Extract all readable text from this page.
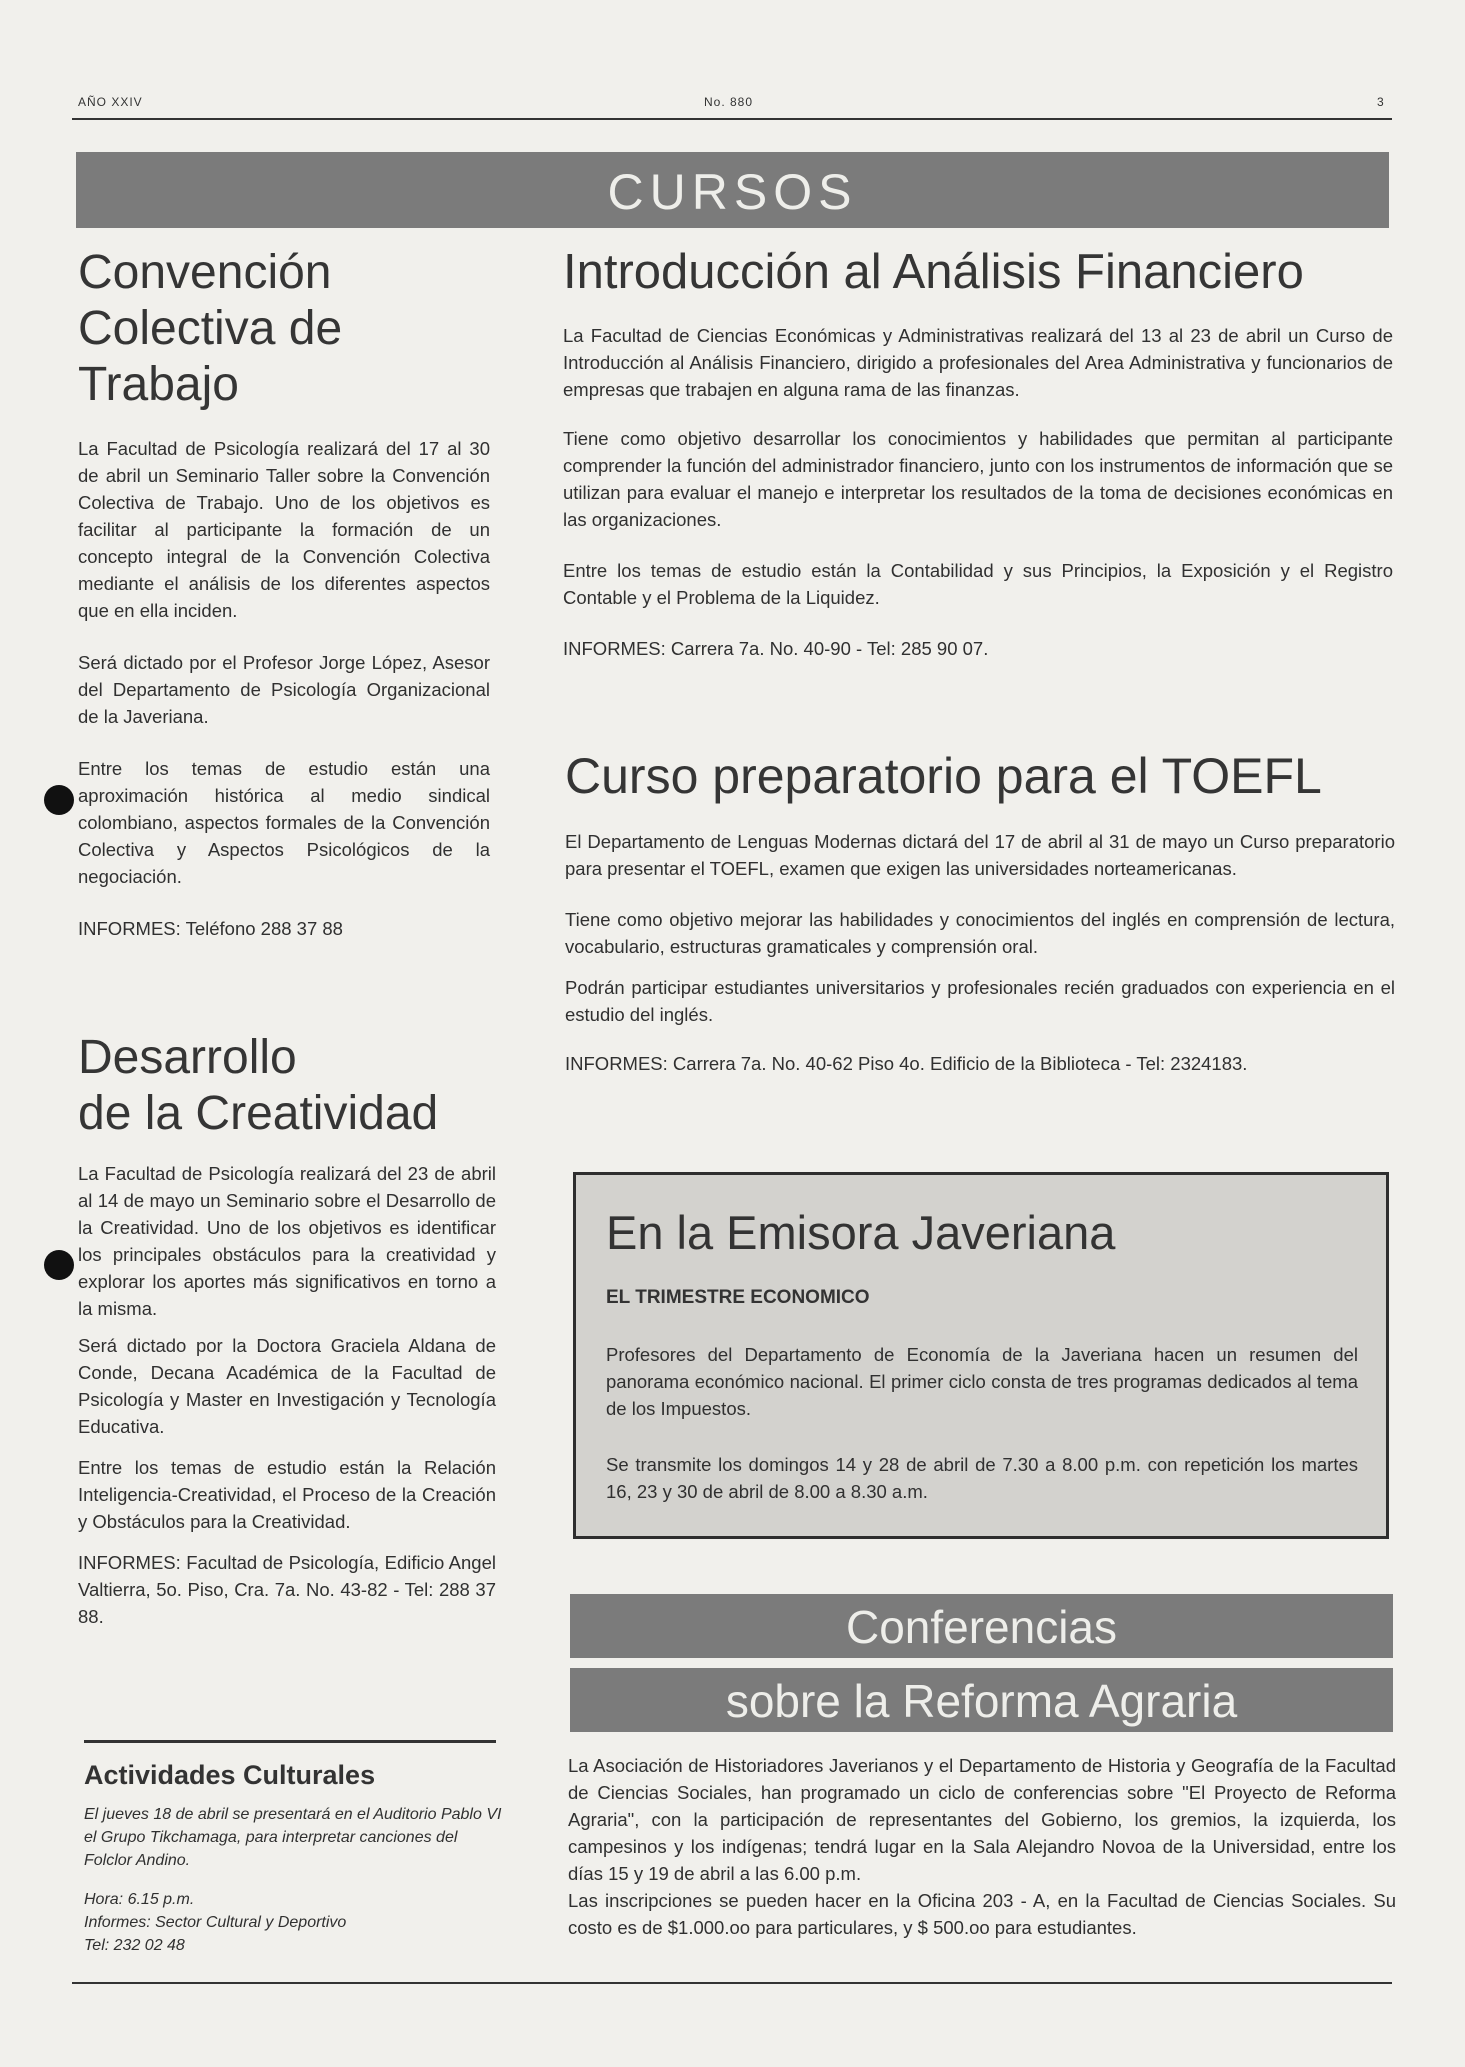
AÑO XXIV	No. 880	3
CURSOS
Convención
Colectiva de
Trabajo

La Facultad de Psicología realizará del 17 al 30 de abril un Seminario Taller sobre la Convención Colectiva de Trabajo. Uno de los objetivos es facilitar al participante la formación de un concepto integral de la Convención Colectiva mediante el análisis de los diferentes aspectos que en ella inciden.

Será dictado por el Profesor Jorge López, Asesor del Departamento de Psicología Organizacional de la Javeriana.

Entre los temas de estudio están una aproximación histórica al medio sindical colombiano, aspectos formales de la Convención Colectiva y Aspectos Psicológicos de la negociación.

INFORMES: Teléfono 288 37 88

Desarrollo
de la Creatividad

La Facultad de Psicología realizará del 23 de abril al 14 de mayo un Seminario sobre el Desarrollo de la Creatividad. Uno de los objetivos es identificar los principales obstáculos para la creatividad y explorar los aportes más significativos en torno a la misma.

Será dictado por la Doctora Graciela Aldana de Conde, Decana Académica de la Facultad de Psicología y Master en Investigación y Tecnología Educativa.

Entre los temas de estudio están la Relación Inteligencia-Creatividad, el Proceso de la Creación y Obstáculos para la Creatividad.

INFORMES: Facultad de Psicología, Edificio Angel Valtierra, 5o. Piso, Cra. 7a. No. 43-82 - Tel: 288 37 88.

Actividades Culturales

El jueves 18 de abril se presentará en el Auditorio Pablo VI el Grupo Tikchamaga, para interpretar canciones del Folclor Andino.

Hora: 6.15 p.m.

Informes: Sector Cultural y Deportivo

Tel: 232 02 48

Introducción al Análisis Financiero

La Facultad de Ciencias Económicas y Administrativas realizará del 13 al 23 de abril un Curso de Introducción al Análisis Financiero, dirigido a profesionales del Area Administrativa y funcionarios de empresas que trabajen en alguna rama de las finanzas.

Tiene como objetivo desarrollar los conocimientos y habilidades que permitan al participante comprender la función del administrador financiero, junto con los instrumentos de información que se utilizan para evaluar el manejo e interpretar los resultados de la toma de decisiones económicas en las organizaciones.

Entre los temas de estudio están la Contabilidad y sus Principios, la Exposición y el Registro Contable y el Problema de la Liquidez.

INFORMES: Carrera 7a. No. 40-90 - Tel: 285 90 07.

Curso preparatorio para el TOEFL

El Departamento de Lenguas Modernas dictará del 17 de abril al 31 de mayo un Curso preparatorio para presentar el TOEFL, examen que exigen las universidades norteamericanas.

Tiene como objetivo mejorar las habilidades y conocimientos del inglés en comprensión de lectura, vocabulario, estructuras gramaticales y comprensión oral.

Podrán participar estudiantes universitarios y profesionales recién graduados con experiencia en el estudio del inglés.

INFORMES: Carrera 7a. No. 40-62 Piso 4o. Edificio de la Biblioteca - Tel: 2324183.

En la Emisora Javeriana
EL TRIMESTRE ECONOMICO

Profesores del Departamento de Economía de la Javeriana hacen un resumen del panorama económico nacional. El primer ciclo consta de tres programas dedicados al tema de los Impuestos.

Se transmite los domingos 14 y 28 de abril de 7.30 a 8.00 p.m. con repetición los martes 16, 23 y 30 de abril de 8.00 a 8.30 a.m.

Conferencias
sobre la Reforma Agraria

La Asociación de Historiadores Javerianos y el Departamento de Historia y Geografía de la Facultad de Ciencias Sociales, han programado un ciclo de conferencias sobre "El Proyecto de Reforma Agraria", con la participación de representantes del Gobierno, los gremios, la izquierda, los campesinos y los indígenas; tendrá lugar en la Sala Alejandro Novoa de la Universidad, entre los días 15 y 19 de abril a las 6.00 p.m.

Las inscripciones se pueden hacer en la Oficina 203 - A, en la Facultad de Ciencias Sociales. Su costo es de $1.000.oo para particulares, y $ 500.oo para estudiantes.
